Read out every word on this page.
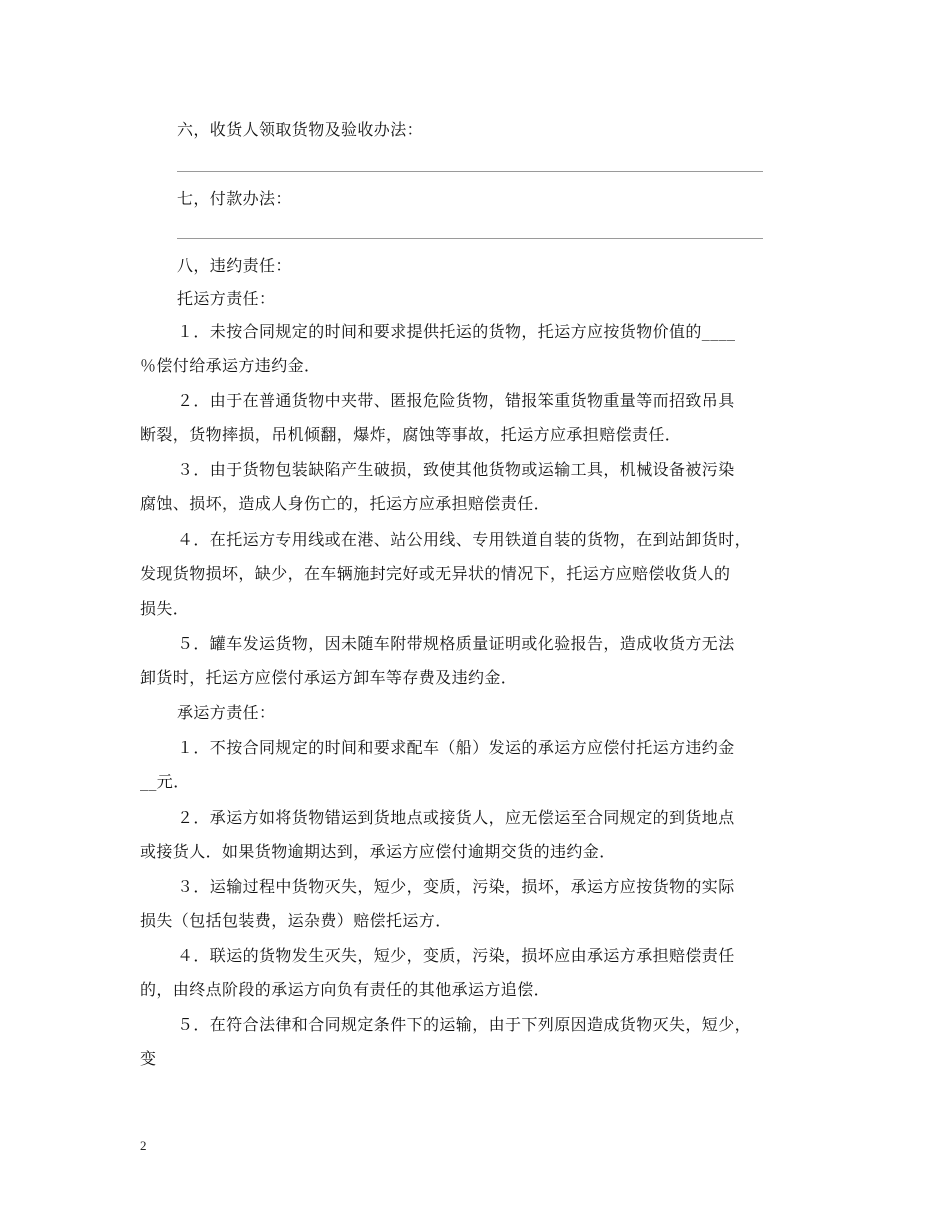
六，收货人领取货物及验收办法：
七，付款办法：
八，违约责任：
托运方责任：
１．未按合同规定的时间和要求提供托运的货物，托运方应按货物价值的____
％偿付给承运方违约金．
２．由于在普通货物中夹带、匿报危险货物，错报笨重货物重量等而招致吊具
断裂，货物摔损，吊机倾翻，爆炸，腐蚀等事故，托运方应承担赔偿责任．
３．由于货物包装缺陷产生破损，致使其他货物或运输工具，机械设备被污染
腐蚀、损坏，造成人身伤亡的，托运方应承担赔偿责任．
４．在托运方专用线或在港、站公用线、专用铁道自装的货物，在到站卸货时，
发现货物损坏，缺少，在车辆施封完好或无异状的情况下，托运方应赔偿收货人的
损失．
５．罐车发运货物，因未随车附带规格质量证明或化验报告，造成收货方无法
卸货时，托运方应偿付承运方卸车等存费及违约金．
承运方责任：
１．不按合同规定的时间和要求配车（船）发运的承运方应偿付托运方违约金
__元．
２．承运方如将货物错运到货地点或接货人，应无偿运至合同规定的到货地点
或接货人．如果货物逾期达到，承运方应偿付逾期交货的违约金．
３．运输过程中货物灭失，短少，变质，污染，损坏，承运方应按货物的实际
损失（包括包装费，运杂费）赔偿托运方．
４．联运的货物发生灭失，短少，变质，污染，损坏应由承运方承担赔偿责任
的，由终点阶段的承运方向负有责任的其他承运方追偿．
５．在符合法律和合同规定条件下的运输，由于下列原因造成货物灭失，短少，
变
2
